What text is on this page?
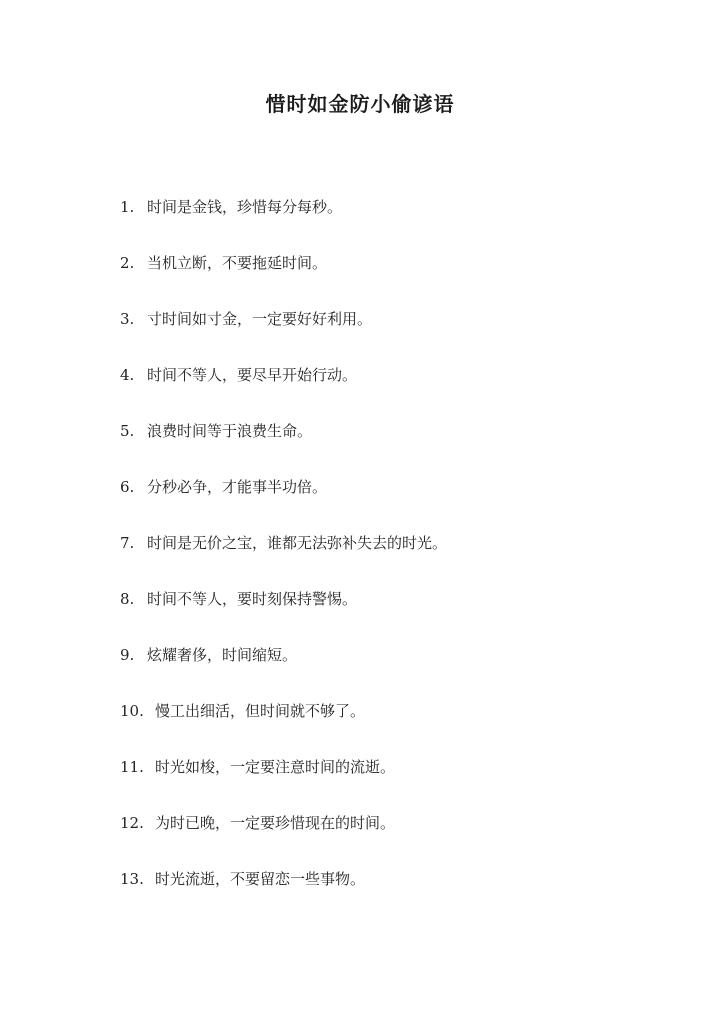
惜时如金防小偷谚语
1. 时间是金钱，珍惜每分每秒。
2. 当机立断，不要拖延时间。
3. 寸时间如寸金，一定要好好利用。
4. 时间不等人，要尽早开始行动。
5. 浪费时间等于浪费生命。
6. 分秒必争，才能事半功倍。
7. 时间是无价之宝，谁都无法弥补失去的时光。
8. 时间不等人，要时刻保持警惕。
9. 炫耀奢侈，时间缩短。
10. 慢工出细活，但时间就不够了。
11. 时光如梭，一定要注意时间的流逝。
12. 为时已晚，一定要珍惜现在的时间。
13. 时光流逝，不要留恋一些事物。
